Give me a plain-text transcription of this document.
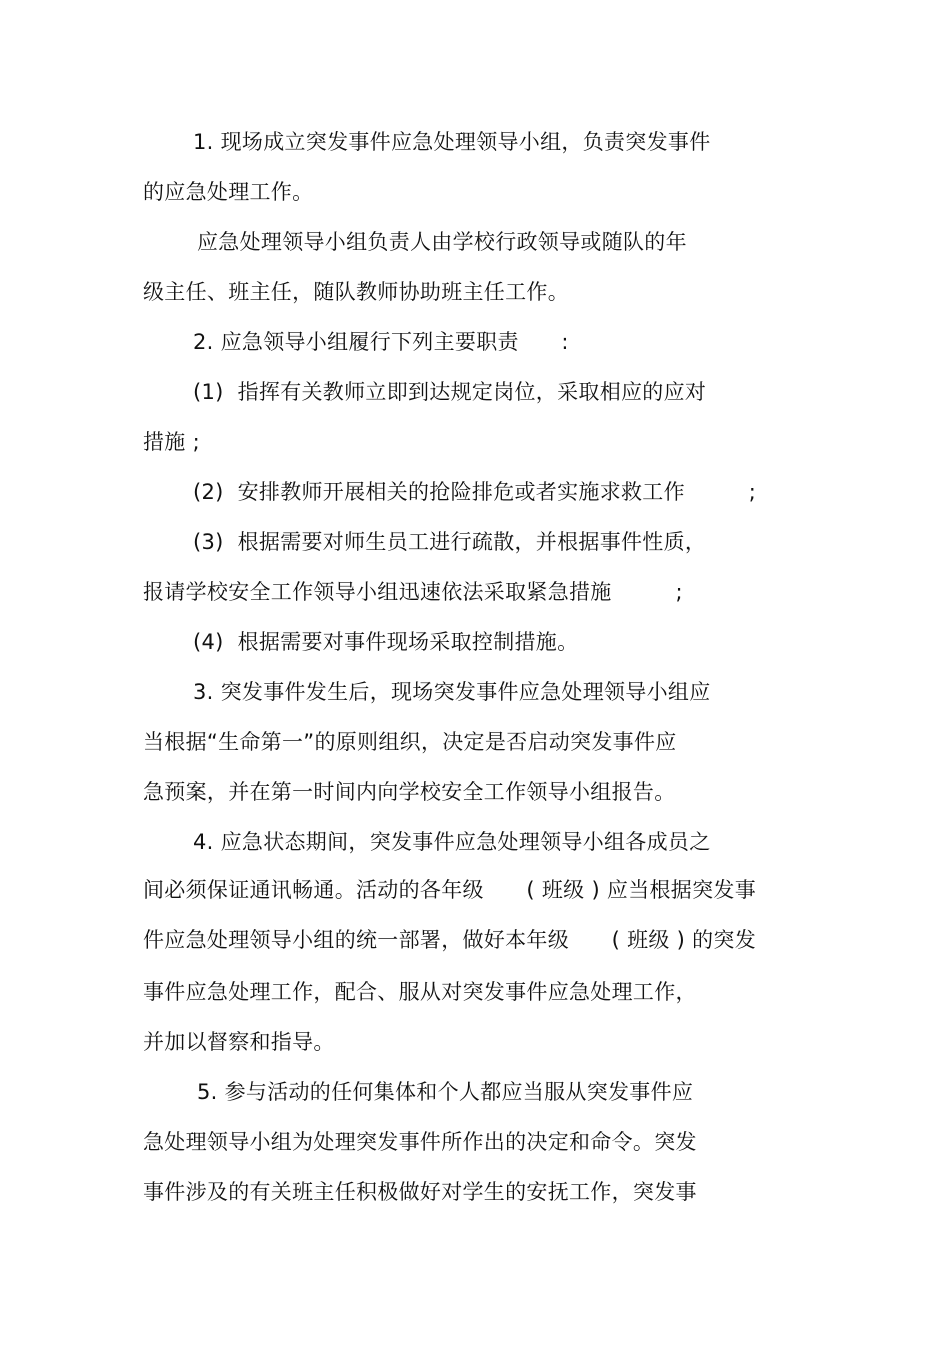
1. 现场成立突发事件应急处理领导小组，负责突发事件
的应急处理工作。
应急处理领导小组负责人由学校行政领导或随队的年
级主任、班主任，随队教师协助班主任工作。
2. 应急领导小组履行下列主要职责　　:
(1)  指挥有关教师立即到达规定岗位，采取相应的应对
措施 ;
(2)  安排教师开展相关的抢险排危或者实施求救工作　　　;
(3)  根据需要对师生员工进行疏散，并根据事件性质，
报请学校安全工作领导小组迅速依法采取紧急措施　　　;
(4)  根据需要对事件现场采取控制措施。
3. 突发事件发生后，现场突发事件应急处理领导小组应
当根据“生命第一”的原则组织，决定是否启动突发事件应
急预案，并在第一时间内向学校安全工作领导小组报告。
4. 应急状态期间，突发事件应急处理领导小组各成员之
间必须保证通讯畅通。活动的各年级　　( 班级 ) 应当根据突发事
件应急处理领导小组的统一部署，做好本年级　　( 班级 ) 的突发
事件应急处理工作，配合、服从对突发事件应急处理工作，
并加以督察和指导。
5. 参与活动的任何集体和个人都应当服从突发事件应
急处理领导小组为处理突发事件所作出的决定和命令。突发
事件涉及的有关班主任积极做好对学生的安抚工作，突发事
